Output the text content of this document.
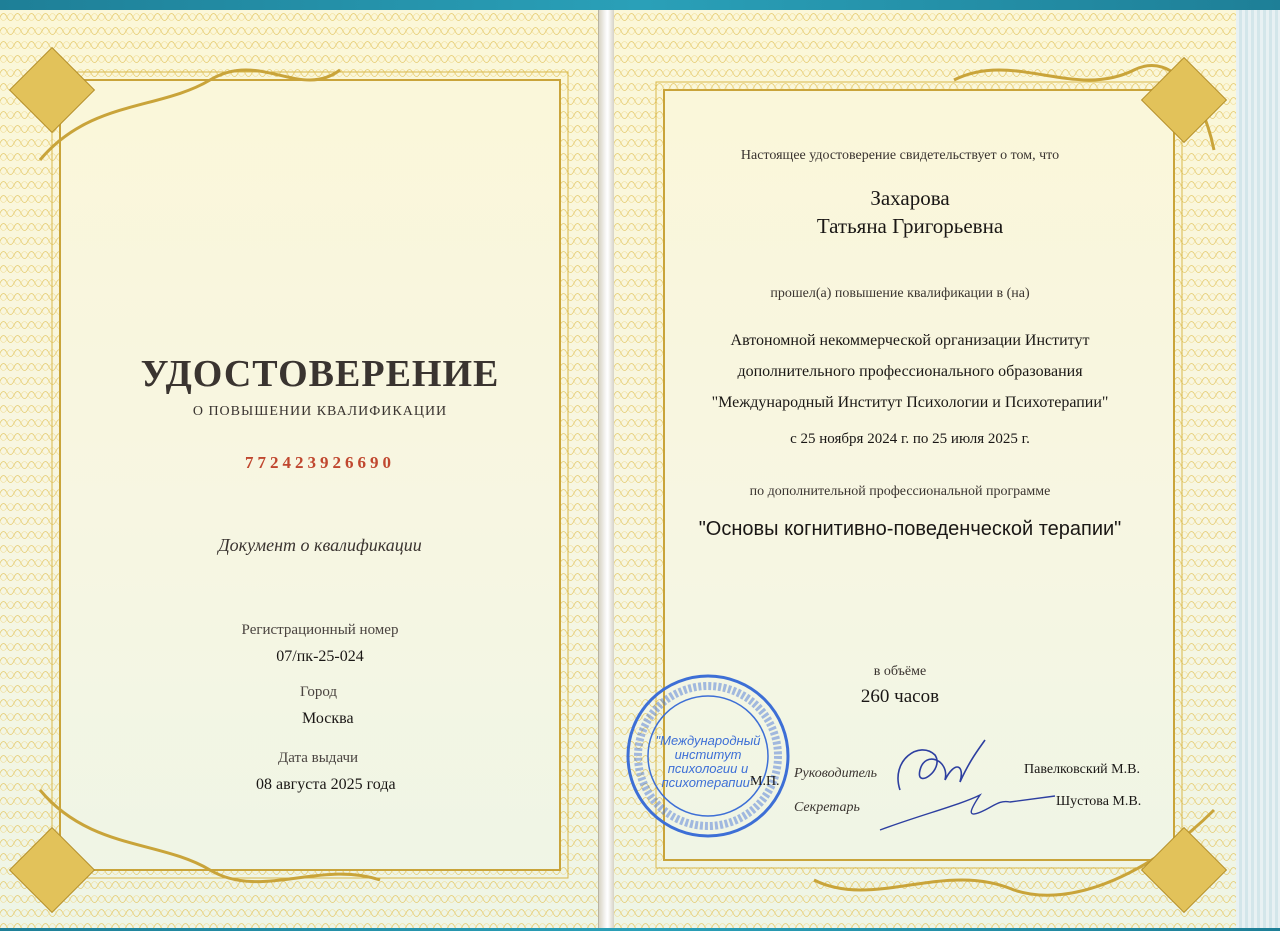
УДОСТОВЕРЕНИЕ
О ПОВЫШЕНИИ КВАЛИФИКАЦИИ
772423926690
Документ о квалификации
Регистрационный номер
07/пк-25-024
Город
Москва
Дата выдачи
08 августа 2025 года
Настоящее удостоверение свидетельствует о том, что
Захарова
Татьяна Григорьевна
прошел(а) повышение квалификации в (на)
Автономной некоммерческой организации Институт
дополнительного профессионального образования
"Международный Институт Психологии и Психотерапии"
с 25 ноября 2024 г. по 25 июля 2025 г.
по дополнительной профессиональной программе
"Основы когнитивно-поведенческой терапии"
в объёме
260 часов
Руководитель	Павелковский М.В.
Секретарь	Шустова М.В.
"Международный
институт
психологии и
психотерапии"
М.П.
